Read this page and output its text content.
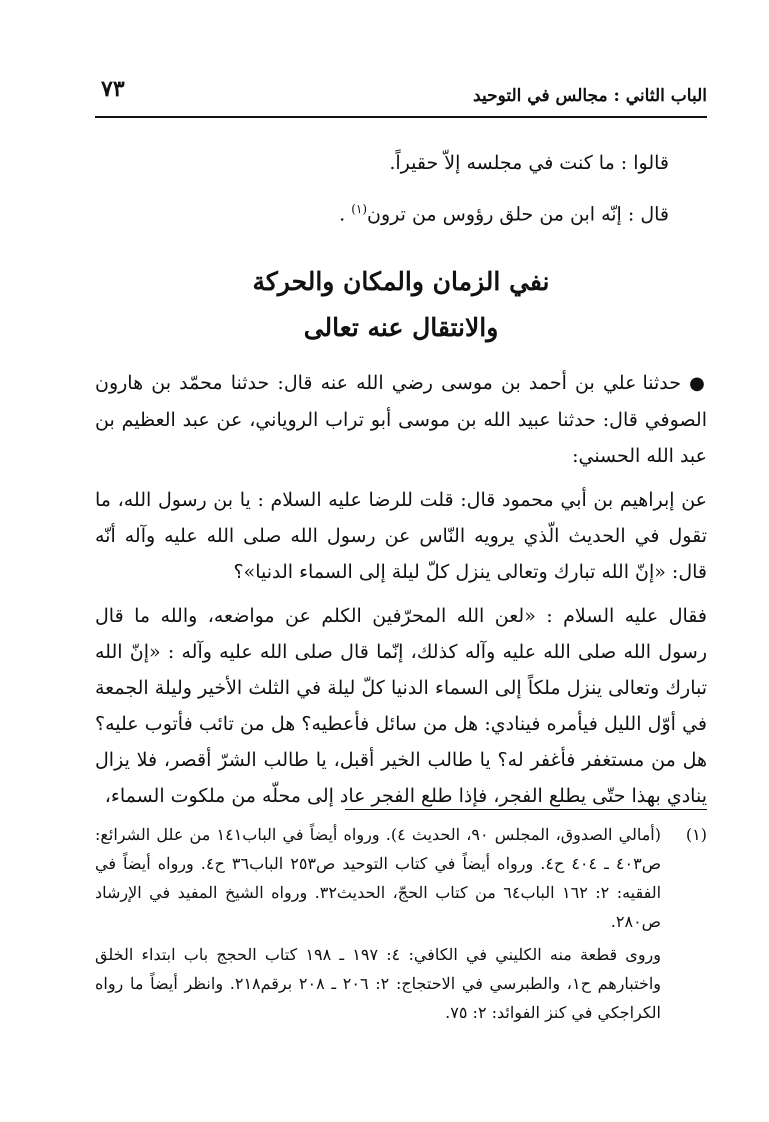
الباب الثاني : مجالس في التوحيد
٧٣

قالوا : ما كنت في مجلسه إلاّ حقيراً.

قال : إنّه ابن من حلق رؤوس من ترون$^{(١)}$ .

نفي الزمان والمكان والحركة
والانتقال عنه تعالى

● حدثنا علي بن أحمد بن موسى رضي الله عنه قال: حدثنا محمّد بن هارون الصوفي قال: حدثنا عبيد الله بن موسى أبو تراب الروياني، عن عبد العظيم بن عبد الله الحسني:

عن إبراهيم بن أبي محمود قال: قلت للرضا عليه السلام : يا بن رسول الله، ما تقول في الحديث الّذي يرويه النّاس عن رسول الله صلى الله عليه وآله أنّه قال: «إنّ الله تبارك وتعالى ينزل كلّ ليلة إلى السماء الدنيا»؟

فقال عليه السلام : «لعن الله المحرّفين الكلم عن مواضعه، والله ما قال رسول الله صلى الله عليه وآله كذلك، إنّما قال صلى الله عليه وآله : «إنّ الله تبارك وتعالى ينزل ملكاً إلى السماء الدنيا كلّ ليلة في الثلث الأخير وليلة الجمعة في أوّل الليل فيأمره فينادي: هل من سائل فأعطيه؟ هل من تائب فأتوب عليه؟ هل من مستغفر فأغفر له؟ يا طالب الخير أقبل، يا طالب الشرّ أقصر، فلا يزال ينادي بهذا حتّى يطلع الفجر، فإذا طلع الفجر عاد إلى محلّه من ملكوت السماء،

(١)

(أمالي الصدوق، المجلس ٩٠، الحديث ٤). ورواه أيضاً في الباب١٤١ من علل الشرائع: ص٤٠٣ ـ ٤٠٤ ح٤. ورواه أيضاً في كتاب التوحيد ص٢٥٣ الباب٣٦ ح٤. ورواه أيضاً في الفقيه: ٢: ١٦٢ الباب٦٤ من كتاب الحجّ، الحديث٣٢. ورواه الشيخ المفيد في الإرشاد ص٢٨٠.

وروى قطعة منه الكليني في الكافي: ٤: ١٩٧ ـ ١٩٨ كتاب الحجج باب ابتداء الخلق واختبارهم ح١، والطبرسي في الاحتجاج: ٢: ٢٠٦ ـ ٢٠٨ برقم٢١٨. وانظر أيضاً ما رواه الكراجكي في كنز الفوائد: ٢: ٧٥.
